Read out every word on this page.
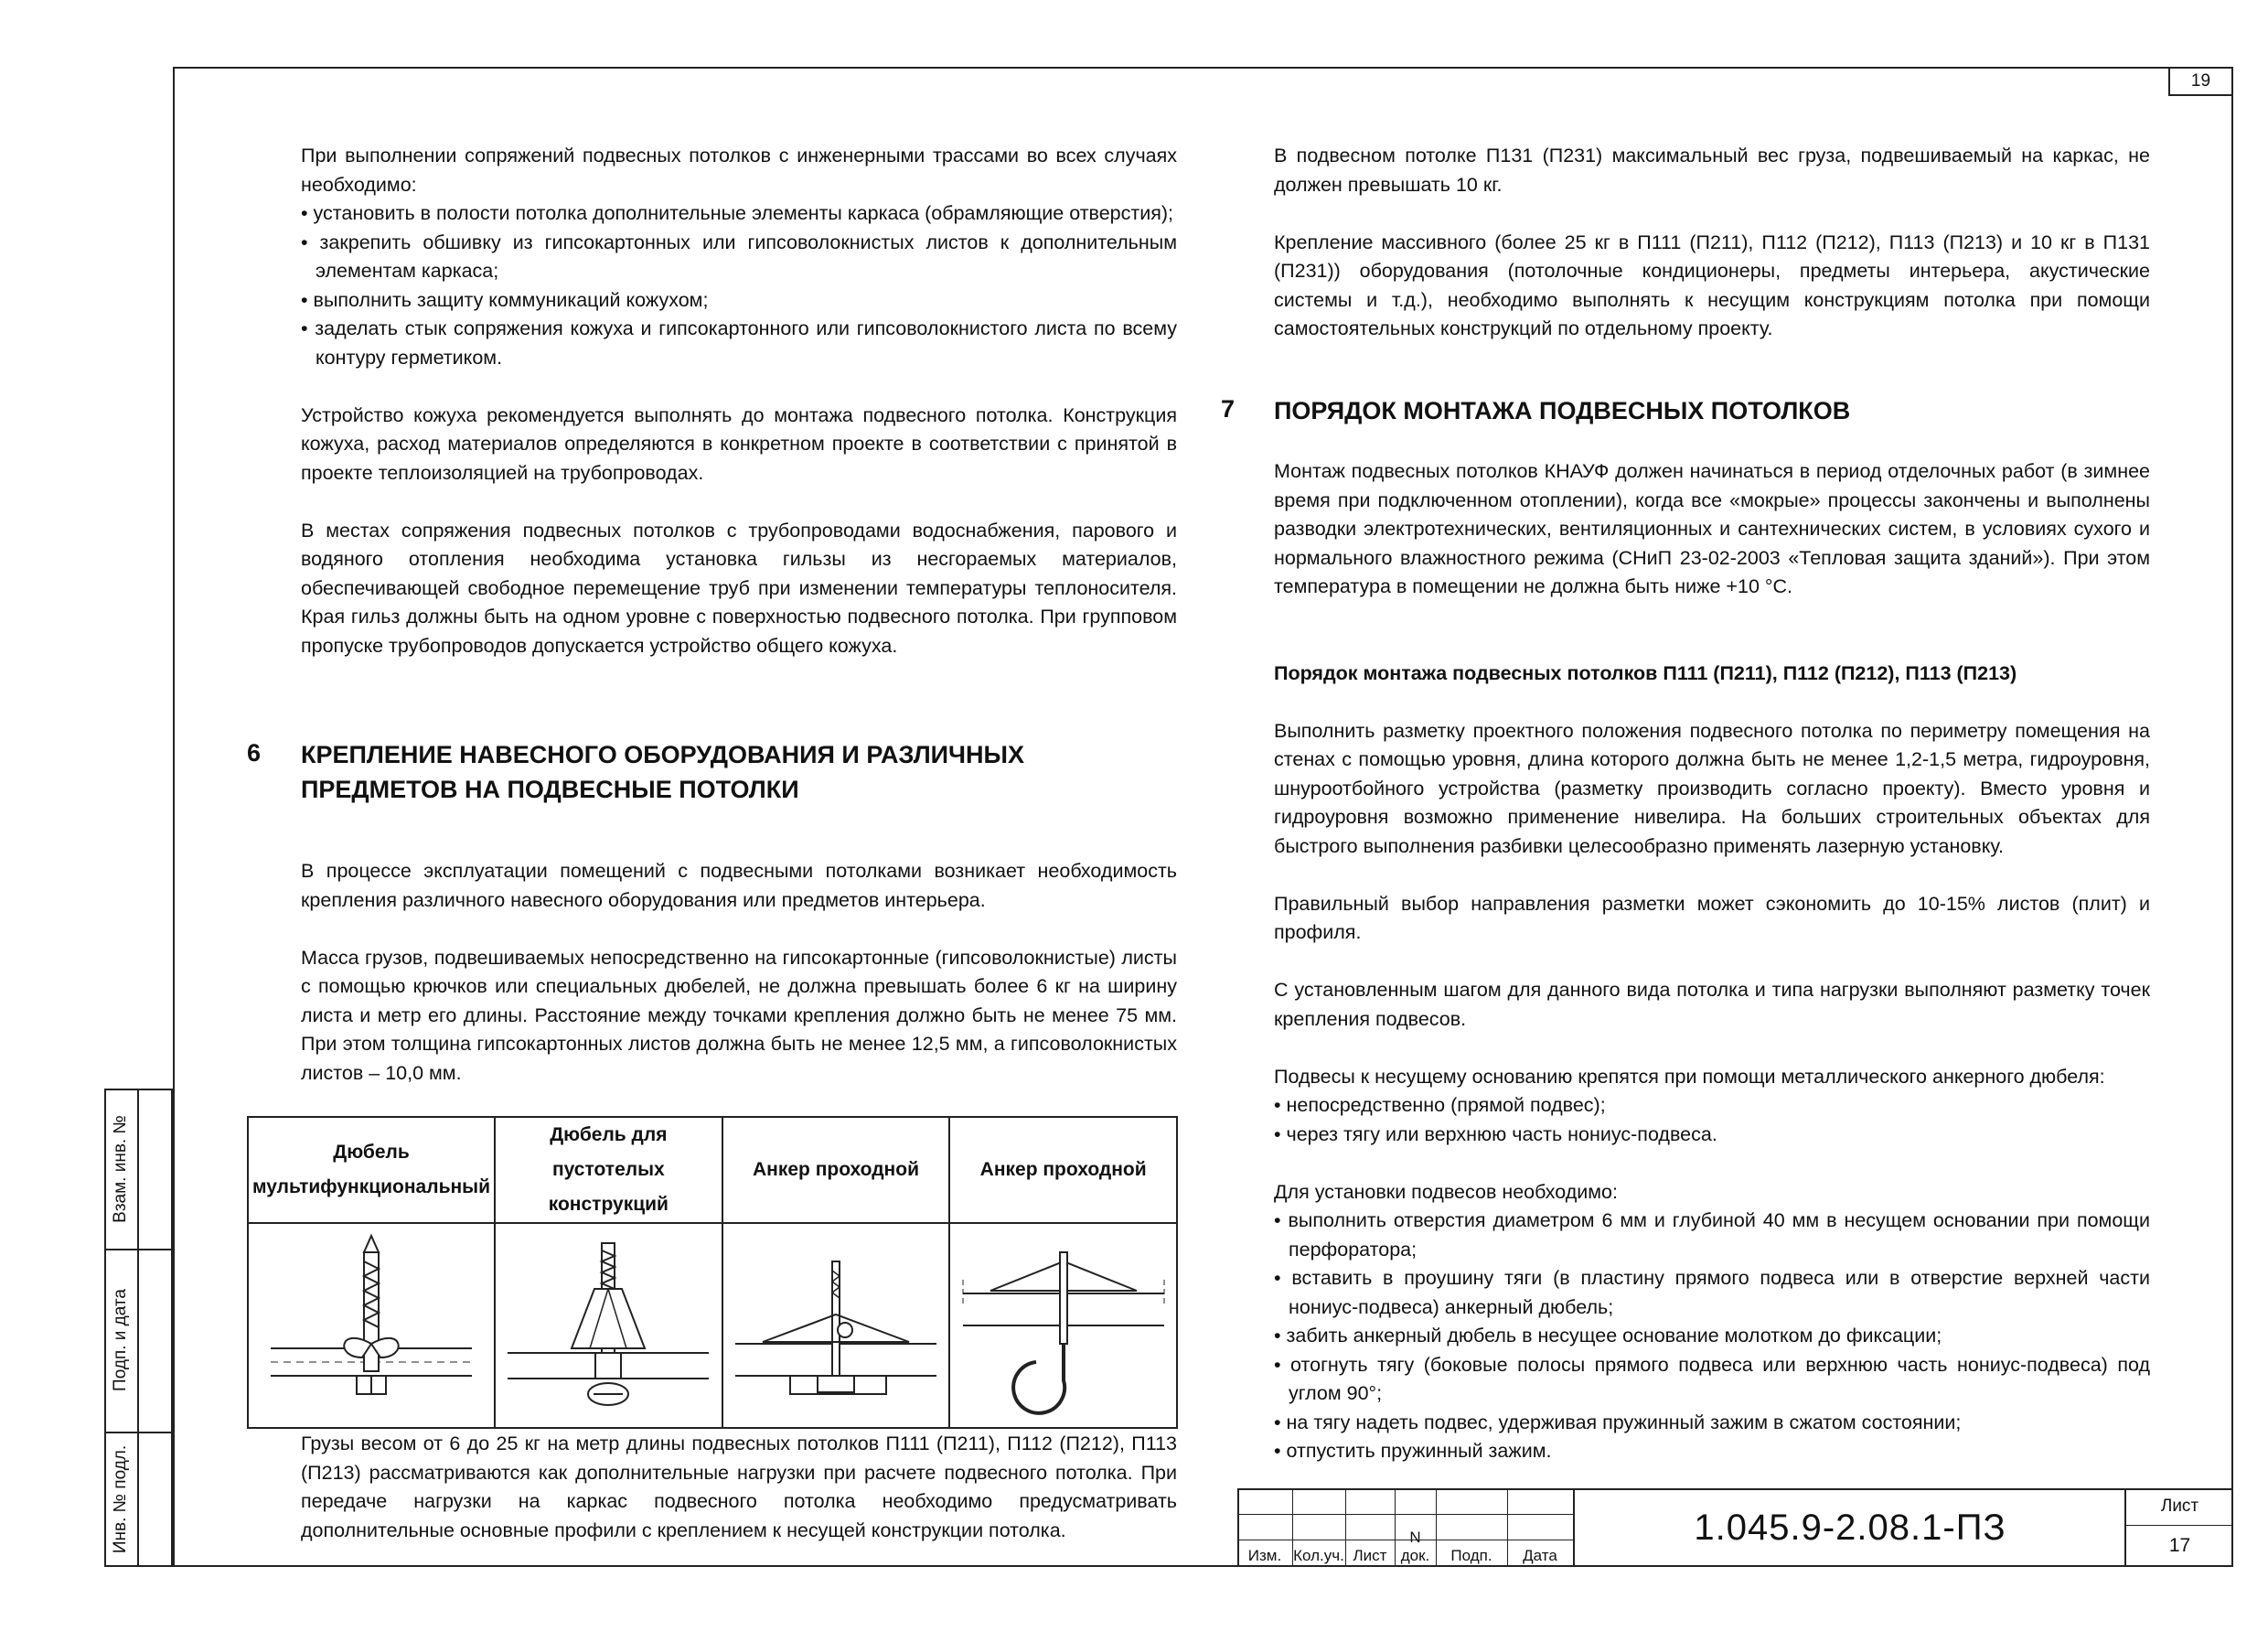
19
Взам. инв. №
Подп. и дата
Инв. № подл.

При выполнении сопряжений подвесных потолков с инженерными трассами во всех случаях необходимо:

• установить в полости потолка дополнительные элементы каркаса (обрамляющие отверстия);
• закрепить обшивку из гипсокартонных или гипсоволокнистых листов к дополнительным элементам каркаса;
• выполнить защиту коммуникаций кожухом;
• заделать стык сопряжения кожуха и гипсокартонного или гипсоволокнистого листа по всему контуру герметиком.

Устройство кожуха рекомендуется выполнять до монтажа подвесного потолка. Конструкция кожуха, расход материалов определяются в конкретном проекте в соответствии с принятой в проекте теплоизоляцией на трубопроводах.

В местах сопряжения подвесных потолков с трубопроводами водоснабжения, парового и водяного отопления необходима установка гильзы из несгораемых материалов, обеспечивающей свободное перемещение труб при изменении температуры теплоносителя. Края гильз должны быть на одном уровне с поверхностью подвесного потолка. При групповом пропуске трубопроводов допускается устройство общего кожуха.

6 КРЕПЛЕНИЕ НАВЕСНОГО ОБОРУДОВАНИЯ И РАЗЛИЧНЫХ ПРЕДМЕТОВ НА ПОДВЕСНЫЕ ПОТОЛКИ

В процессе эксплуатации помещений с подвесными потолками возникает необходимость крепления различного навесного оборудования или предметов интерьера.

Масса грузов, подвешиваемых непосредственно на гипсокартонные (гипсоволокнистые) листы с помощью крючков или специальных дюбелей, не должна превышать более 6 кг на ширину листа и метр его длины. Расстояние между точками крепления должно быть не менее 75 мм. При этом толщина гипсокартонных листов должна быть не менее 12,5 мм, а гипсоволокнистых листов – 10,0 мм.

Дюбель мультифункциональный	Дюбель для пустотелых конструкций	Анкер проходной	Анкер проходной

Грузы весом от 6 до 25 кг на метр длины подвесных потолков П111 (П211), П112 (П212), П113 (П213) рассматриваются как дополнительные нагрузки при расчете подвесного потолка. При передаче нагрузки на каркас подвесного потолка необходимо предусматривать дополнительные основные профили с креплением к несущей конструкции потолка.

В подвесном потолке П131 (П231) максимальный вес груза, подвешиваемый на каркас, не должен превышать 10 кг.

Крепление массивного (более 25 кг в П111 (П211), П112 (П212), П113 (П213) и 10 кг в П131 (П231)) оборудования (потолочные кондиционеры, предметы интерьера, акустические системы и т.д.), необходимо выполнять к несущим конструкциям потолка при помощи самостоятельных конструкций по отдельному проекту.

7 ПОРЯДОК МОНТАЖА ПОДВЕСНЫХ ПОТОЛКОВ

Монтаж подвесных потолков КНАУФ должен начинаться в период отделочных работ (в зимнее время при подключенном отоплении), когда все «мокрые» процессы закончены и выполнены разводки электротехнических, вентиляционных и сантехнических систем, в условиях сухого и нормального влажностного режима (СНиП 23-02-2003 «Тепловая защита зданий»). При этом температура в помещении не должна быть ниже +10 °С.

Порядок монтажа подвесных потолков П111 (П211), П112 (П212), П113 (П213)

Выполнить разметку проектного положения подвесного потолка по периметру помещения на стенах с помощью уровня, длина которого должна быть не менее 1,2-1,5 метра, гидроуровня, шнуроотбойного устройства (разметку производить согласно проекту). Вместо уровня и гидроуровня возможно применение нивелира. На больших строительных объектах для быстрого выполнения разбивки целесообразно применять лазерную установку.

Правильный выбор направления разметки может сэкономить до 10-15% листов (плит) и профиля.

С установленным шагом для данного вида потолка и типа нагрузки выполняют разметку точек крепления подвесов.

Подвесы к несущему основанию крепятся при помощи металлического анкерного дюбеля:

• непосредственно (прямой подвес);
• через тягу или верхнюю часть нониус-подвеса.

Для установки подвесов необходимо:

• выполнить отверстия диаметром 6 мм и глубиной 40 мм в несущем основании при помощи перфоратора;
• вставить в проушину тяги (в пластину прямого подвеса или в отверстие верхней части нониус-подвеса) анкерный дюбель;
• забить анкерный дюбель в несущее основание молотком до фиксации;
• отогнуть тягу (боковые полосы прямого подвеса или верхнюю часть нониус-подвеса) под углом 90°;
• на тягу надеть подвес, удерживая пружинный зажим в сжатом состоянии;
• отпустить пружинный зажим.
Изм. Кол.уч. Лист
N док.	Подп.	Дата
1.045.9-2.08.1-ПЗ
Лист
17
